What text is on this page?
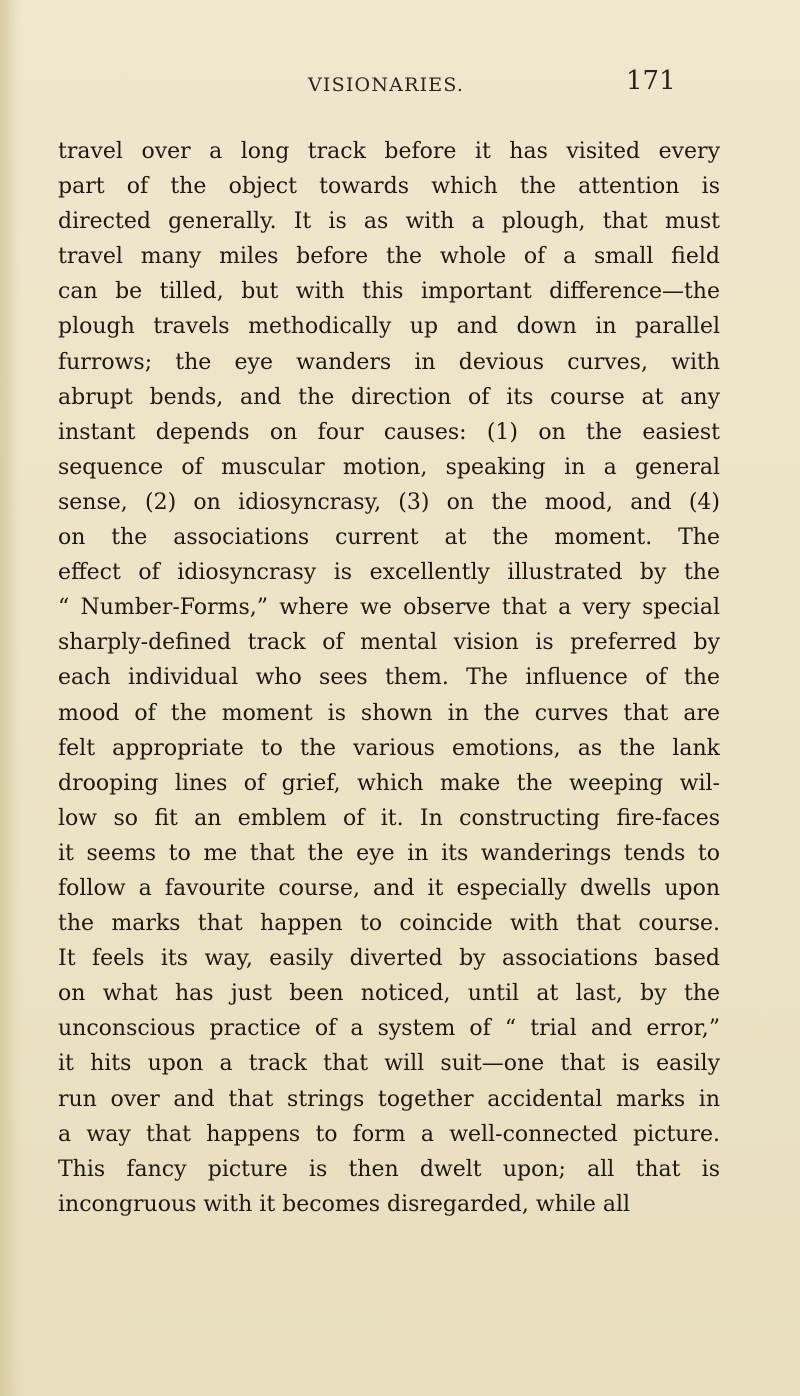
VISIONARIES.	171
travel over a long track before it has visited every
part of the object towards which the attention is
directed generally. It is as with a plough, that must
travel many miles before the whole of a small field
can be tilled, but with this important difference—the
plough travels methodically up and down in parallel
furrows; the eye wanders in devious curves, with
abrupt bends, and the direction of its course at any
instant depends on four causes: (1) on the easiest
sequence of muscular motion, speaking in a general
sense, (2) on idiosyncrasy, (3) on the mood, and (4)
on the associations current at the moment. The
effect of idiosyncrasy is excellently illustrated by the
“ Number-Forms,” where we observe that a very special
sharply-defined track of mental vision is preferred by
each individual who sees them. The influence of the
mood of the moment is shown in the curves that are
felt appropriate to the various emotions, as the lank
drooping lines of grief, which make the weeping wil-
low so fit an emblem of it. In constructing fire-faces
it seems to me that the eye in its wanderings tends to
follow a favourite course, and it especially dwells upon
the marks that happen to coincide with that course.
It feels its way, easily diverted by associations based
on what has just been noticed, until at last, by the
unconscious practice of a system of “ trial and error,”
it hits upon a track that will suit—one that is easily
run over and that strings together accidental marks in
a way that happens to form a well-connected picture.
This fancy picture is then dwelt upon; all that is
incongruous with it becomes disregarded, while all
